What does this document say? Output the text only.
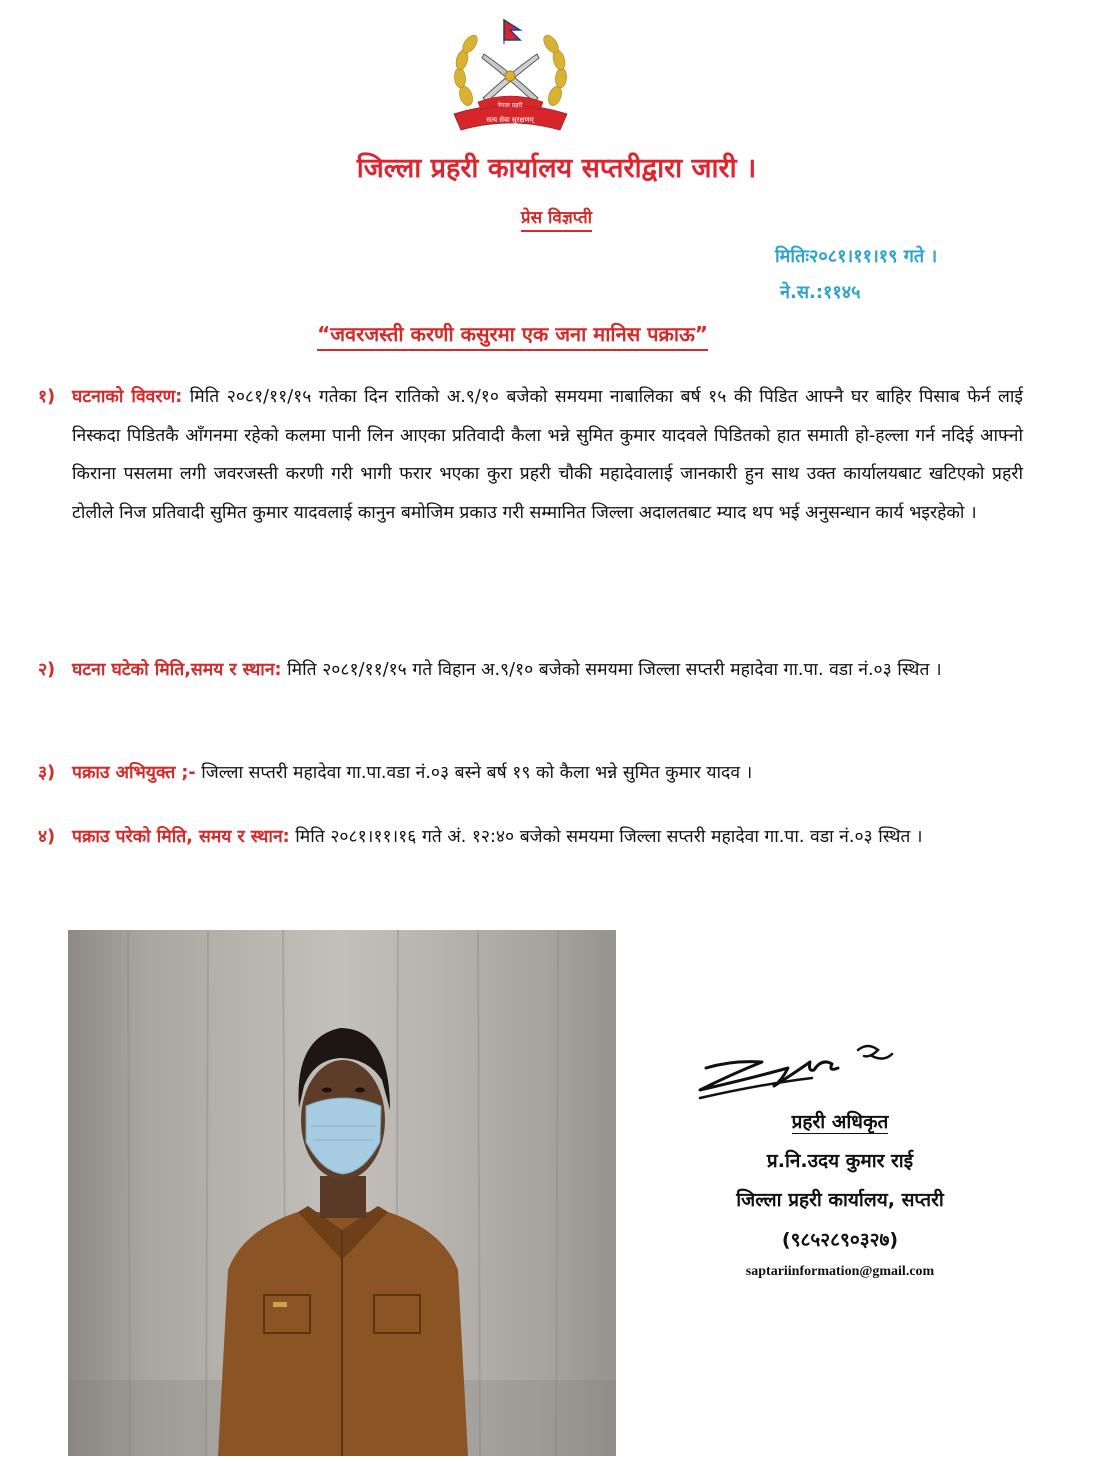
नेपाल प्रहरी
सत्य सेवा सुरक्षणम्
जिल्ला प्रहरी कार्यालय सप्तरीद्वारा जारी ।
प्रेस विज्ञप्ती
मितिः२०८१।११।१९ गते ।
ने.स.:११४५
“जवरजस्ती करणी कसुरमा एक जना मानिस पक्राऊ”
१) घटनाको विवरण: मिति २०८१/११/१५ गतेका दिन रातिको अ.९/१० बजेको समयमा नाबालिका बर्ष १५ की पिडित आफ्नै घर बाहिर पिसाब फेर्न लाई निस्कदा पिडितकै आँगनमा रहेको कलमा पानी लिन आएका प्रतिवादी कैला भन्ने सुमित कुमार यादवले पिडितको हात समाती हो-हल्ला गर्न नदिई आफ्नो किराना पसलमा लगी जवरजस्ती करणी गरी भागी फरार भएका कुरा प्रहरी चौकी महादेवालाई जानकारी हुन साथ उक्त कार्यालयबाट खटिएको प्रहरी टोलीले निज प्रतिवादी सुमित कुमार यादवलाई कानुन बमोजिम प्रकाउ गरी सम्मानित जिल्ला अदालतबाट म्याद थप भई अनुसन्धान कार्य भइरहेको ।
२) घटना घटेको मिति,समय र स्थान: मिति २०८१/११/१५ गते विहान अ.९/१० बजेको समयमा जिल्ला सप्तरी महादेवा गा.पा. वडा नं.०३ स्थित ।
३) पक्राउ अभियुक्त ;- जिल्ला सप्तरी महादेवा गा.पा.वडा नं.०३ बस्ने बर्ष १९ को कैला भन्ने सुमित कुमार यादव ।
४) पक्राउ परेको मिति, समय र स्थान: मिति २०८१।११।१६ गते अं. १२:४० बजेको समयमा जिल्ला सप्तरी महादेवा गा.पा. वडा नं.०३ स्थित ।
प्रहरी अधिकृत
प्र.नि.उदय कुमार राई
जिल्ला प्रहरी कार्यालय, सप्तरी
(९८५२८९०३२७)
saptariinformation@gmail.com
